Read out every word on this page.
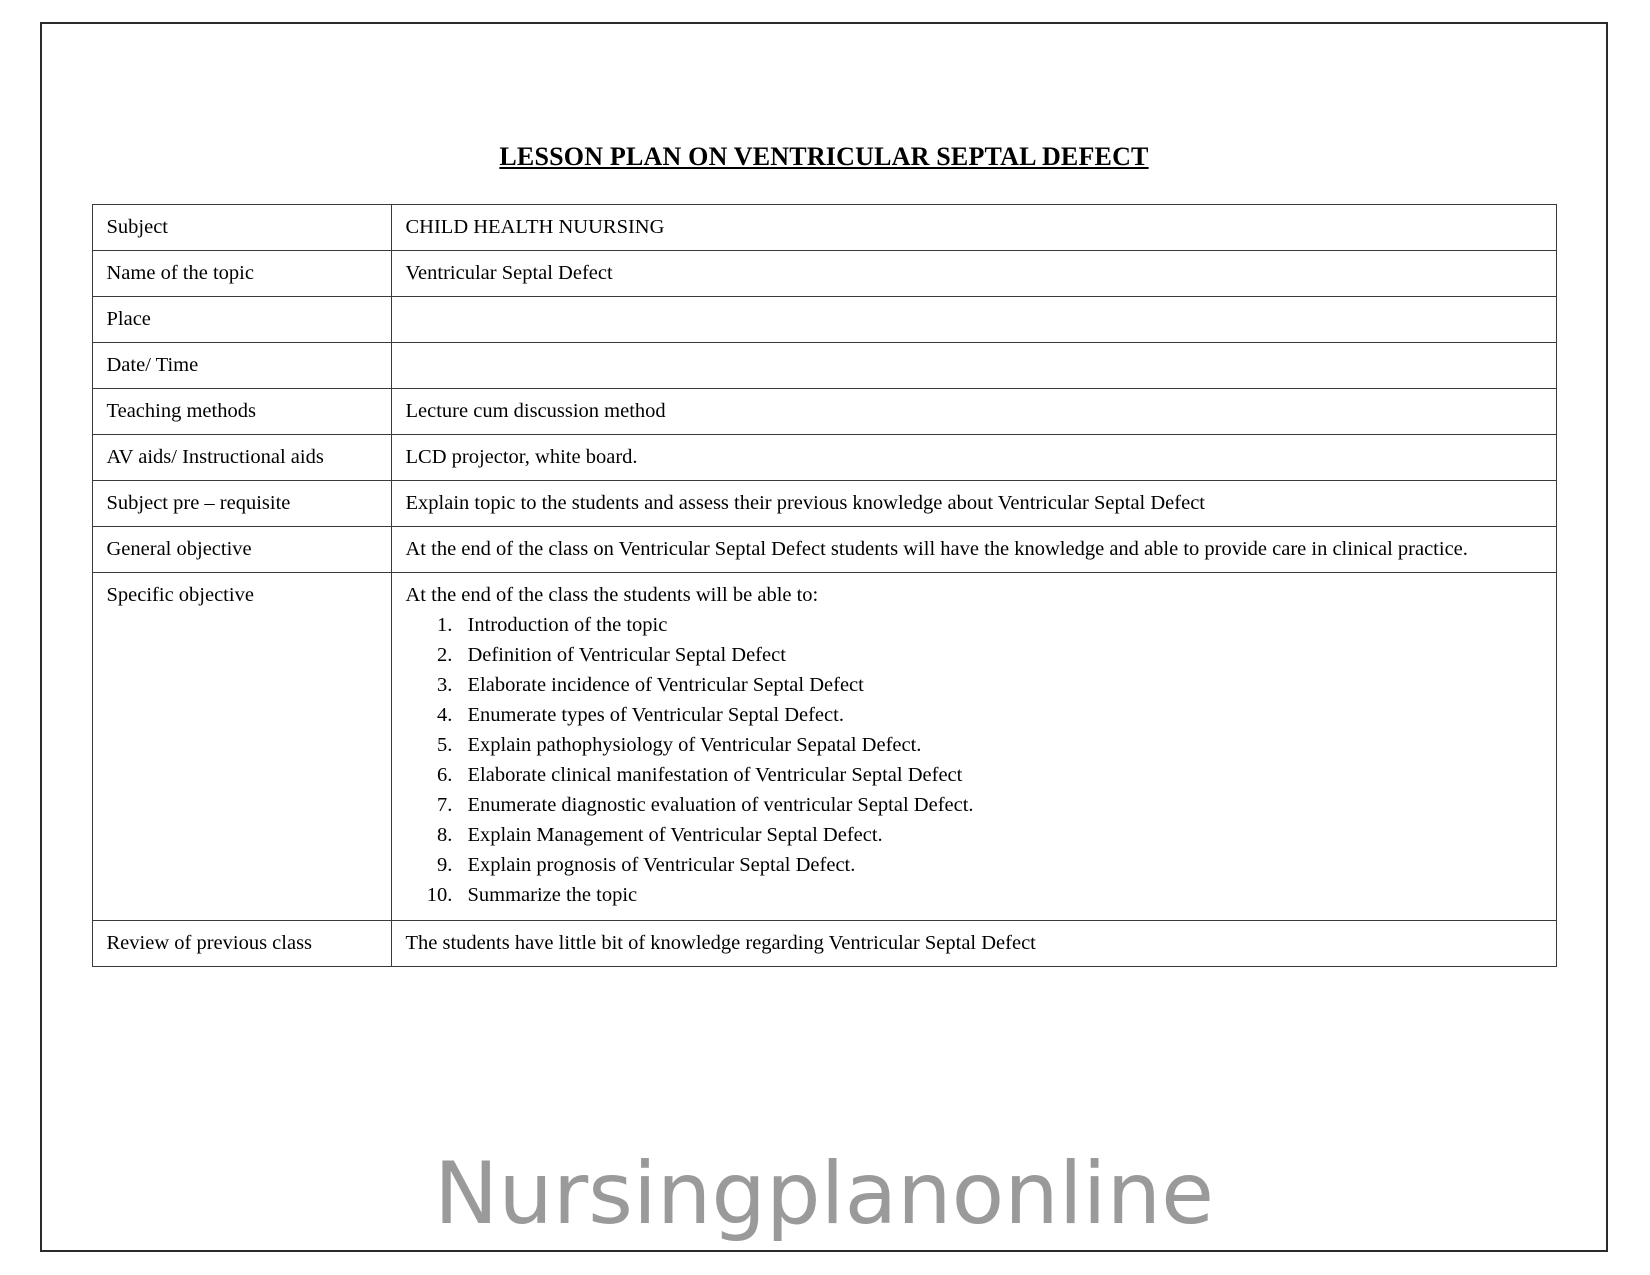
LESSON PLAN ON VENTRICULAR SEPTAL DEFECT
Subject	CHILD HEALTH NUURSING
Name of the topic	Ventricular Septal Defect
Place	
Date/ Time	
Teaching methods	Lecture cum discussion method
AV aids/ Instructional aids	LCD projector, white board.
Subject pre – requisite	Explain topic to the students and assess their previous knowledge about Ventricular Septal Defect
General objective	At the end of the class on Ventricular Septal Defect students will have the knowledge and able to provide care in clinical practice.
Specific objective	At the end of the class the students will be able to:
1. Introduction of the topic
2. Definition of Ventricular Septal Defect
3. Elaborate incidence of Ventricular Septal Defect
4. Enumerate types of Ventricular Septal Defect.
5. Explain pathophysiology of Ventricular Sepatal Defect.
6. Elaborate clinical manifestation of Ventricular Septal Defect
7. Enumerate diagnostic evaluation of ventricular Septal Defect.
8. Explain Management of Ventricular Septal Defect.
9. Explain prognosis of Ventricular Septal Defect.
10. Summarize the topic

Review of previous class	The students have little bit of knowledge regarding Ventricular Septal Defect
Nursingplanonline
